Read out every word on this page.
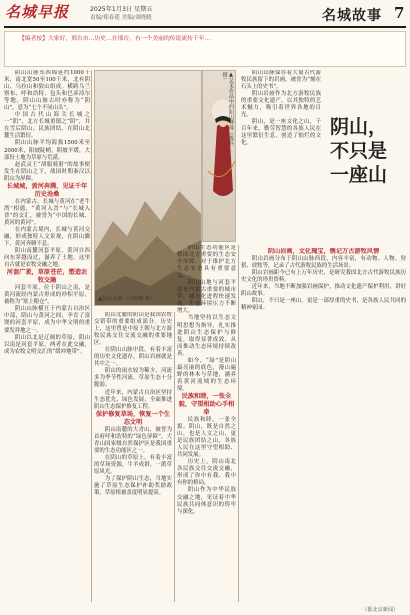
名城早报	2025年1月3日 星期五
责编/郑春莲 美编/刘晓晓	名城故事 7

【编者按】大家好，邢台市…历史…在邢台，有一个美丽的传说流传千年…

阴山山脉东西绵延约1000千米，南北宽50至100千米，北有阴山、乌拉山和狼山组成。横跨乌兰察布、呼和浩特、包头和巴彦淖尔等地，阴山山脉古时亦称为“阴山”，意为“七个不同山头”。

中国古代山海关长城之一“阴”，北方长城重镇之“阴”，并在雪后阴山。民族团结，在阴山北麓生活繁衍。

阴山山脉平均海拔1500米至2000米，阳坡陡峭，阴坡平缓，大部份土地为草原与荒漠。

赵武灵王“胡服骑射”的故事便发生在阴山之下，战国时期秦汉以阴山为屏障。

长城城，黄河奔腾，见证千年历史沧桑

在内蒙古，长城与黄河在“老牛湾”相遇，“黄河入晋”与“长城入晋”的交汇，被誉为“中国的长城、黄河的黄河”。

在内蒙古境内，长城与黄河交融，形成独特人文景观，在阴山脚下，黄河奔腾不息。

阴山南麓河套平原，黄河自西向东穿越而过，滋养了土地，这里自古就是农牧交融之地。

河套广袤，草原苍茫，塑造农牧交融

河套平原，位于阴山之南，是黄河流经内蒙古形成的冲积平原，被称为“塞上粮仓”。

阴山山脉横亘于内蒙古自治区中部，阴山与黄河之间，孕育了富饶的河套平原，成为中华文明的重要发祥地之一。

阴山以北是辽阔的草原，阴山以南是河套平原，两者在此交融，成为农牧文明交汇的“缓冲地带”。

▲艺术作品中的阴山神母（陈兵摄）
▲阴山山脉（高碧峰 摄）
阴山， 不只是 一座山

阴山北麓的阴山是我国农牧交错带的重要组成部分。历史上，这里曾是中原王朝与北方游牧民族交往交流交融的重要地区。

在阴山山脉中段，有着丰富的历史文化遗存，阴山岩画就是其中之一。

阴山的雨水较为稀少，河流多为季节性河流，草原生态十分脆弱。

近年来，内蒙古自治区坚持生态优先、绿色发展，全面推进阴山生态保护修复工程。

保护修复草场，恢复一个生态文明

阴山南麓的大青山，被誉为首府呼和浩特的“绿色屏障”，大青山国家级自然保护区是我国重要的生态功能区之一。

在阴山的草原上，有着丰富的草场资源，牛羊成群，一派草原风光。

为了保护阴山生态，当地实施了草原生态保护补助奖励政策，草原植被盖度明显提高。

阴山生态功能区是我国北方重要的生态安全屏障，对于维护北方生态安全具有重要意义。

阴山山地与河套平原是内蒙古重要的城市带，城市化进程快速发展，生态环境压力不断增大。

当地坚持以生态文明思想为指导，扎实推进阴山生态保护与修复，取得显著成效，从而推动生态环境持续改善。

如今，“绿”是阴山最亮丽的底色，漫山遍野的林木与草地，涵养着黄河流域的生态环境。

民族和睦，一张全貌，守望相助心手相牵

民族和睦，一张全貌。阴山，既是自然之山，也是人文之山，更是民族团结之山，各族人民在这里守望相助、共同发展。

历史上，阴山南北各民族交往交流交融，形成了你中有我、我中有你的格局。

阴山作为中华民族交融之地，见证着中华民族共同体意识的铸牢与深化。

阴山山脉保存着大量古代游牧民族留下的岩画，被誉为“刻在石头上的史书”。

阴山岩画作为北方游牧民族的重要文化遗产，以其独特的艺术魅力，吸引着世界各地的目光。

阴山，是一座文化之山，千百年来，勤劳智慧的各族人民在这里繁衍生息，创造了灿烂的文化。

阴山岩画，文化瑰宝，镌记万古游牧风情

阴山岩画分布于阴山山脉西段，内容丰富，有动物、人物、狩猎、放牧等，记录了古代游牧民族的生活场景。

阴山岩画距今已有上万年历史，是研究我国北方古代游牧民族历史文化的珍贵资料。

近年来，当地不断加强岩画保护，推动文化遗产保护利用，讲好阴山故事。

阴山，不只是一座山，更是一部厚重的史书，是各族人民共同的精神家园。

（据北京新闻）
